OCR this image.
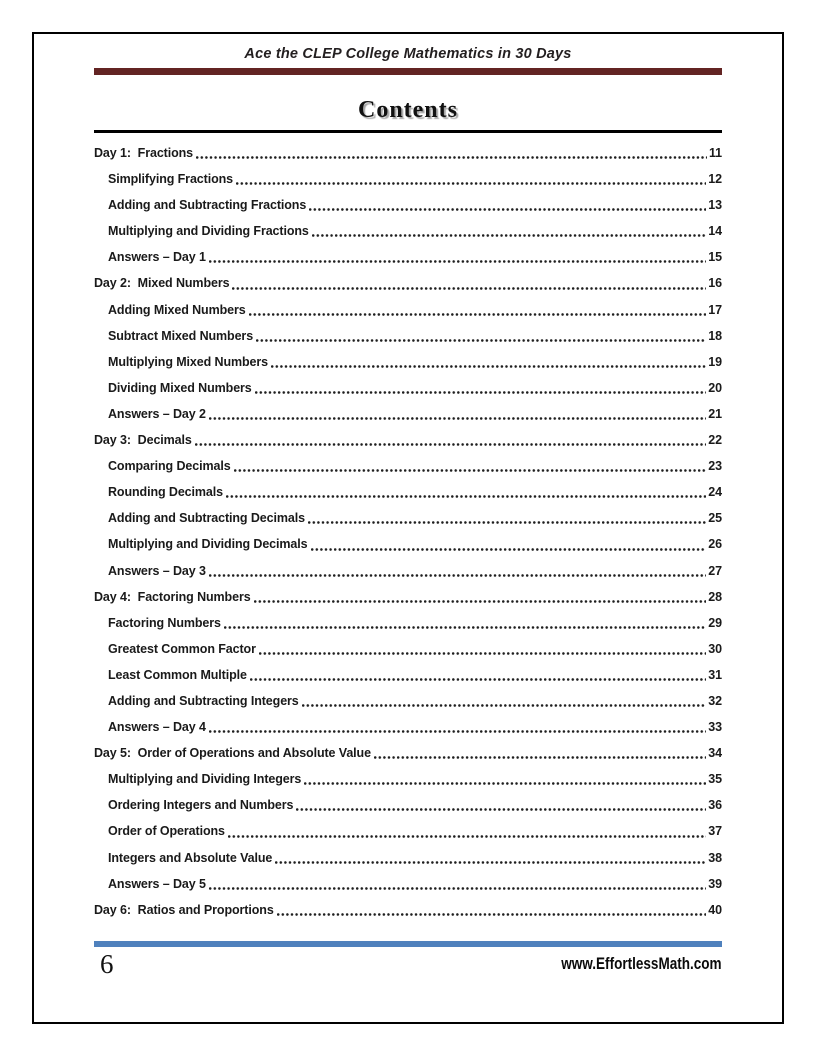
Ace the CLEP College Mathematics in 30 Days
Contents
Day 1:  Fractions	11
Simplifying Fractions	12
Adding and Subtracting Fractions	13
Multiplying and Dividing Fractions	14
Answers – Day 1	15
Day 2:  Mixed Numbers	16
Adding Mixed Numbers	17
Subtract Mixed Numbers	18
Multiplying Mixed Numbers	19
Dividing Mixed Numbers	20
Answers – Day 2	21
Day 3:  Decimals	22
Comparing Decimals	23
Rounding Decimals	24
Adding and Subtracting Decimals	25
Multiplying and Dividing Decimals	26
Answers – Day 3	27
Day 4:  Factoring Numbers	28
Factoring Numbers	29
Greatest Common Factor	30
Least Common Multiple	31
Adding and Subtracting Integers	32
Answers – Day 4	33
Day 5:  Order of Operations and Absolute Value	34
Multiplying and Dividing Integers	35
Ordering Integers and Numbers	36
Order of Operations	37
Integers and Absolute Value	38
Answers – Day 5	39
Day 6:  Ratios and Proportions	40
6	www.EffortlessMath.com
